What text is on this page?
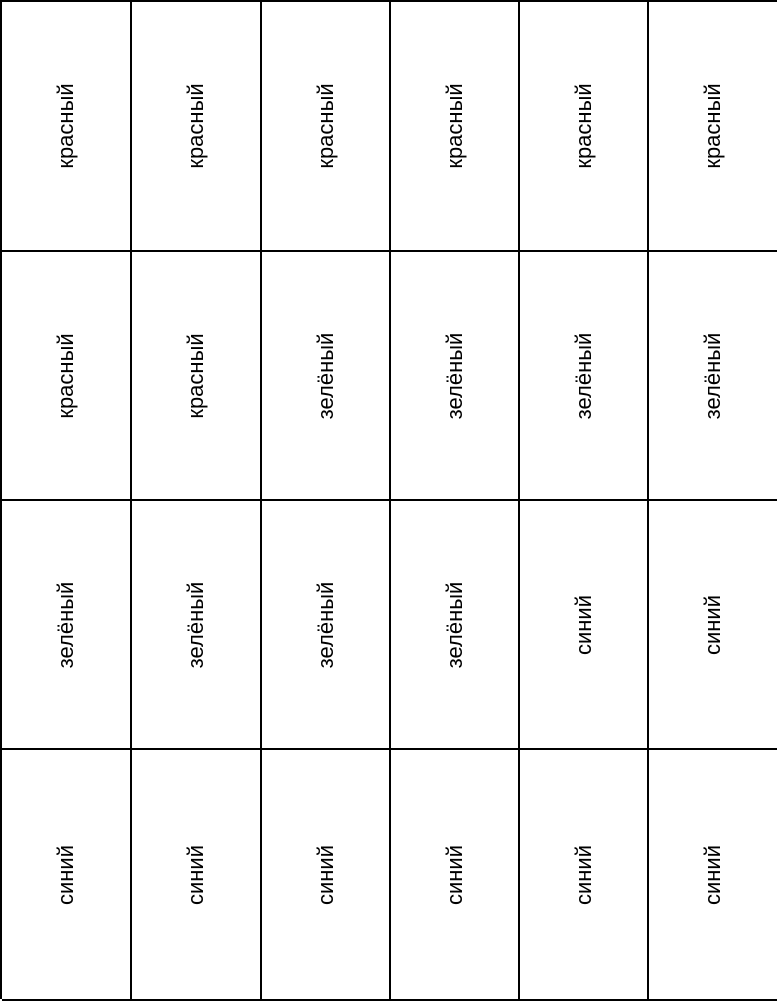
красный	красный	красный	красный	красный	красный
красный	красный	зелёный	зелёный	зелёный	зелёный
зелёный	зелёный	зелёный	зелёный	синий	синий
синий	синий	синий	синий	синий	синий
